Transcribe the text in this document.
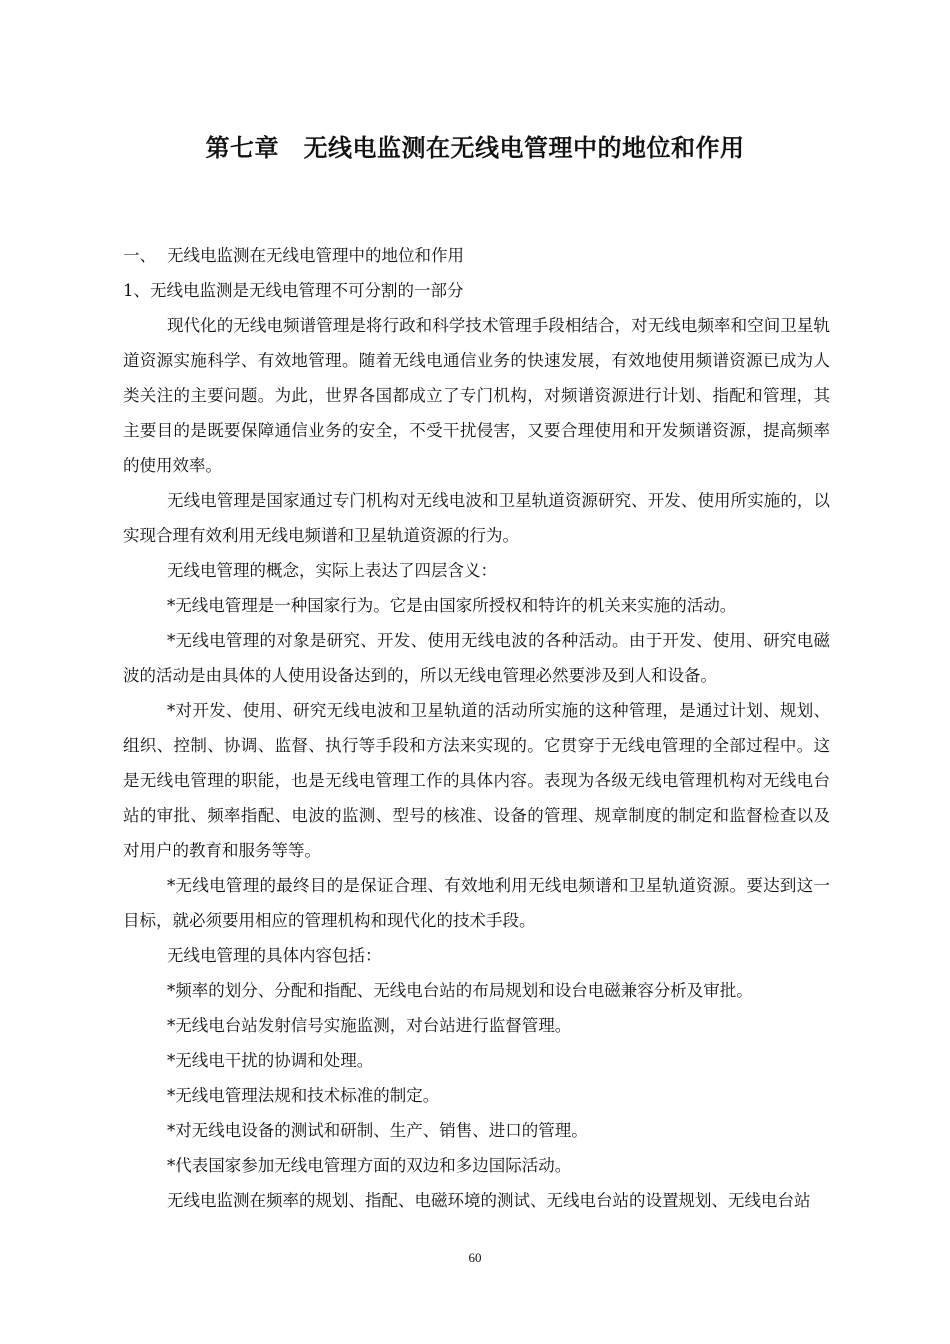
第七章　无线电监测在无线电管理中的地位和作用

一、 无线电监测在无线电管理中的地位和作用

1、无线电监测是无线电管理不可分割的一部分

现代化的无线电频谱管理是将行政和科学技术管理手段相结合，对无线电频率和空间卫星轨道资源实施科学、有效地管理。随着无线电通信业务的快速发展，有效地使用频谱资源已成为人类关注的主要问题。为此，世界各国都成立了专门机构，对频谱资源进行计划、指配和管理，其主要目的是既要保障通信业务的安全，不受干扰侵害，又要合理使用和开发频谱资源，提高频率的使用效率。

无线电管理是国家通过专门机构对无线电波和卫星轨道资源研究、开发、使用所实施的，以实现合理有效利用无线电频谱和卫星轨道资源的行为。

无线电管理的概念，实际上表达了四层含义：

*无线电管理是一种国家行为。它是由国家所授权和特许的机关来实施的活动。

*无线电管理的对象是研究、开发、使用无线电波的各种活动。由于开发、使用、研究电磁波的活动是由具体的人使用设备达到的，所以无线电管理必然要涉及到人和设备。

*对开发、使用、研究无线电波和卫星轨道的活动所实施的这种管理，是通过计划、规划、组织、控制、协调、监督、执行等手段和方法来实现的。它贯穿于无线电管理的全部过程中。这是无线电管理的职能，也是无线电管理工作的具体内容。表现为各级无线电管理机构对无线电台站的审批、频率指配、电波的监测、型号的核准、设备的管理、规章制度的制定和监督检查以及对用户的教育和服务等等。

*无线电管理的最终目的是保证合理、有效地利用无线电频谱和卫星轨道资源。要达到这一目标，就必须要用相应的管理机构和现代化的技术手段。

无线电管理的具体内容包括：

*频率的划分、分配和指配、无线电台站的布局规划和设台电磁兼容分析及审批。

*无线电台站发射信号实施监测，对台站进行监督管理。

*无线电干扰的协调和处理。

*无线电管理法规和技术标准的制定。

*对无线电设备的测试和研制、生产、销售、进口的管理。

*代表国家参加无线电管理方面的双边和多边国际活动。

无线电监测在频率的规划、指配、电磁环境的测试、无线电台站的设置规划、无线电台站

60
